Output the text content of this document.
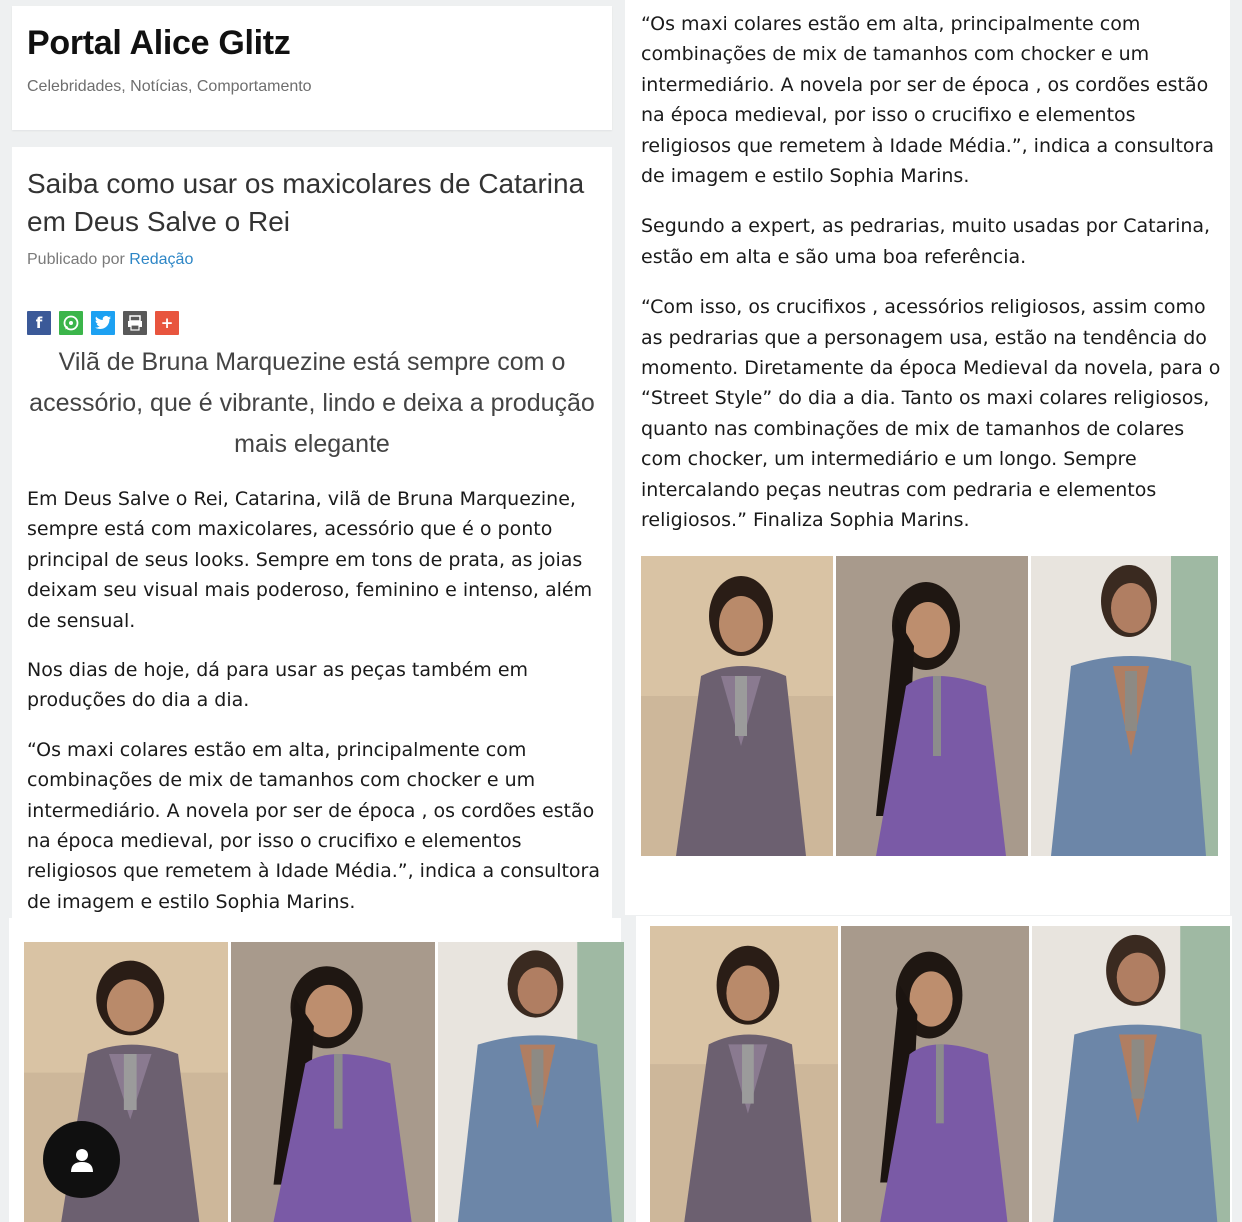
Portal Alice Glitz
Celebridades, Notícias, Comportamento
Saiba como usar os maxicolares de Catarina em Deus Salve o Rei
Publicado por Redação
f	+

Vilã de Bruna Marquezine está sempre com o acessório, que é vibrante, lindo e deixa a produção mais elegante

Em Deus Salve o Rei, Catarina, vilã de Bruna Marquezine, sempre está com maxicolares, acessório que é o ponto principal de seus looks. Sempre em tons de prata, as joias deixam seu visual mais poderoso, feminino e intenso, além de sensual.

Nos dias de hoje, dá para usar as peças também em produções do dia a dia.

“Os maxi colares estão em alta, principalmente com combinações de mix de tamanhos com chocker e um intermediário. A novela por ser de época , os cordões estão na época medieval, por isso o crucifixo e elementos religiosos que remetem à Idade Média.”, indica a consultora de imagem e estilo Sophia Marins.

“Os maxi colares estão em alta, principalmente com combinações de mix de tamanhos com chocker e um intermediário. A novela por ser de época , os cordões estão na época medieval, por isso o crucifixo e elementos religiosos que remetem à Idade Média.”, indica a consultora de imagem e estilo Sophia Marins.

Segundo a expert, as pedrarias, muito usadas por Catarina, estão em alta e são uma boa referência.

“Com isso, os crucifixos , acessórios religiosos, assim como as pedrarias que a personagem usa, estão na tendência do momento. Diretamente da época Medieval da novela, para o “Street Style” do dia a dia. Tanto os maxi colares religiosos, quanto nas combinações de mix de tamanhos de colares com chocker, um intermediário e um longo. Sempre intercalando peças neutras com pedraria e elementos religiosos.” Finaliza Sophia Marins.
